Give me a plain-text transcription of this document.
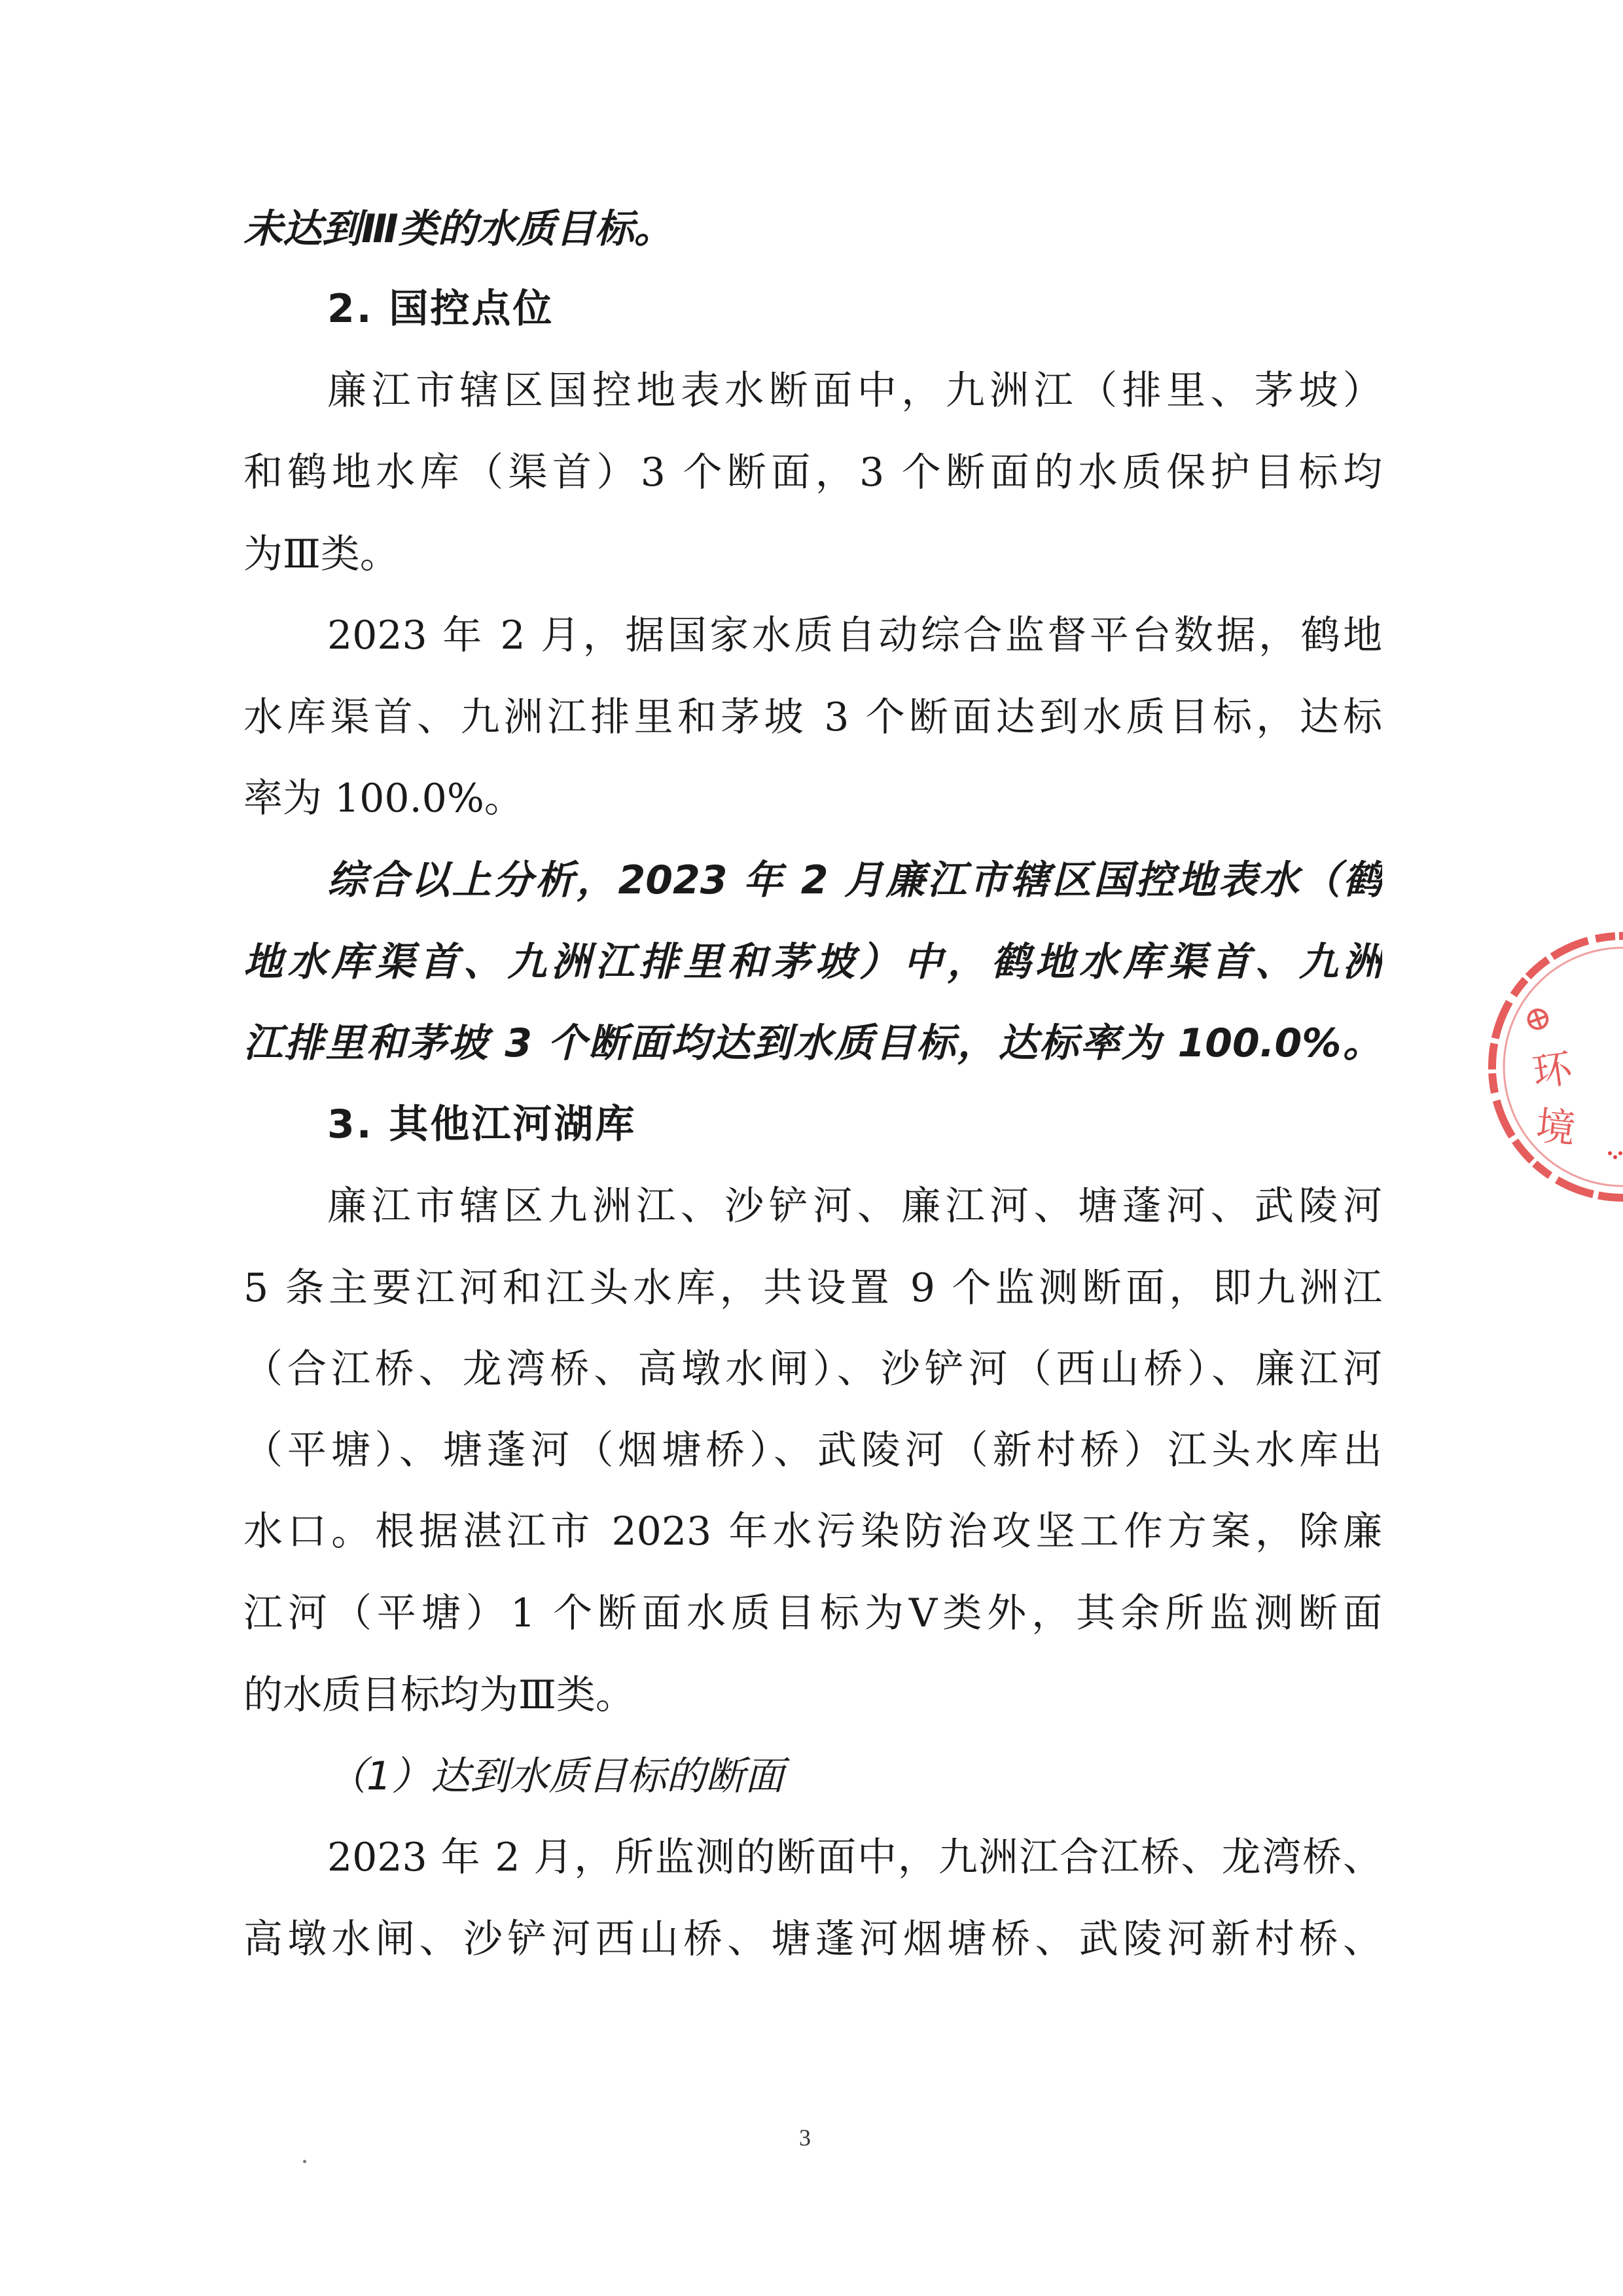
未达到Ⅲ类的水质目标。
2. 国控点位
廉江市辖区国控地表水断面中，九洲江（排里、茅坡）
和鹤地水库（渠首）3 个断面，3 个断面的水质保护目标均
为Ⅲ类。
2023 年 2 月，据国家水质自动综合监督平台数据，鹤地
水库渠首、九洲江排里和茅坡 3 个断面达到水质目标，达标
率为 100.0%。
综合以上分析，2023 年 2 月廉江市辖区国控地表水（鹤
地水库渠首、九洲江排里和茅坡）中，鹤地水库渠首、九洲
江排里和茅坡 3 个断面均达到水质目标，达标率为 100.0%。
3. 其他江河湖库
廉江市辖区九洲江、沙铲河、廉江河、塘蓬河、武陵河
5 条主要江河和江头水库，共设置 9 个监测断面，即九洲江
（合江桥、龙湾桥、高墩水闸）、沙铲河（西山桥）、廉江河
（平塘）、塘蓬河（烟塘桥）、武陵河（新村桥）江头水库出
水口。根据湛江市 2023 年水污染防治攻坚工作方案，除廉
江河（平塘）1 个断面水质目标为Ⅴ类外，其余所监测断面
的水质目标均为Ⅲ类。
（1）达到水质目标的断面
2023 年 2 月，所监测的断面中，九洲江合江桥、龙湾桥、
高墩水闸、沙铲河西山桥、塘蓬河烟塘桥、武陵河新村桥、
3
⊕
环
境
